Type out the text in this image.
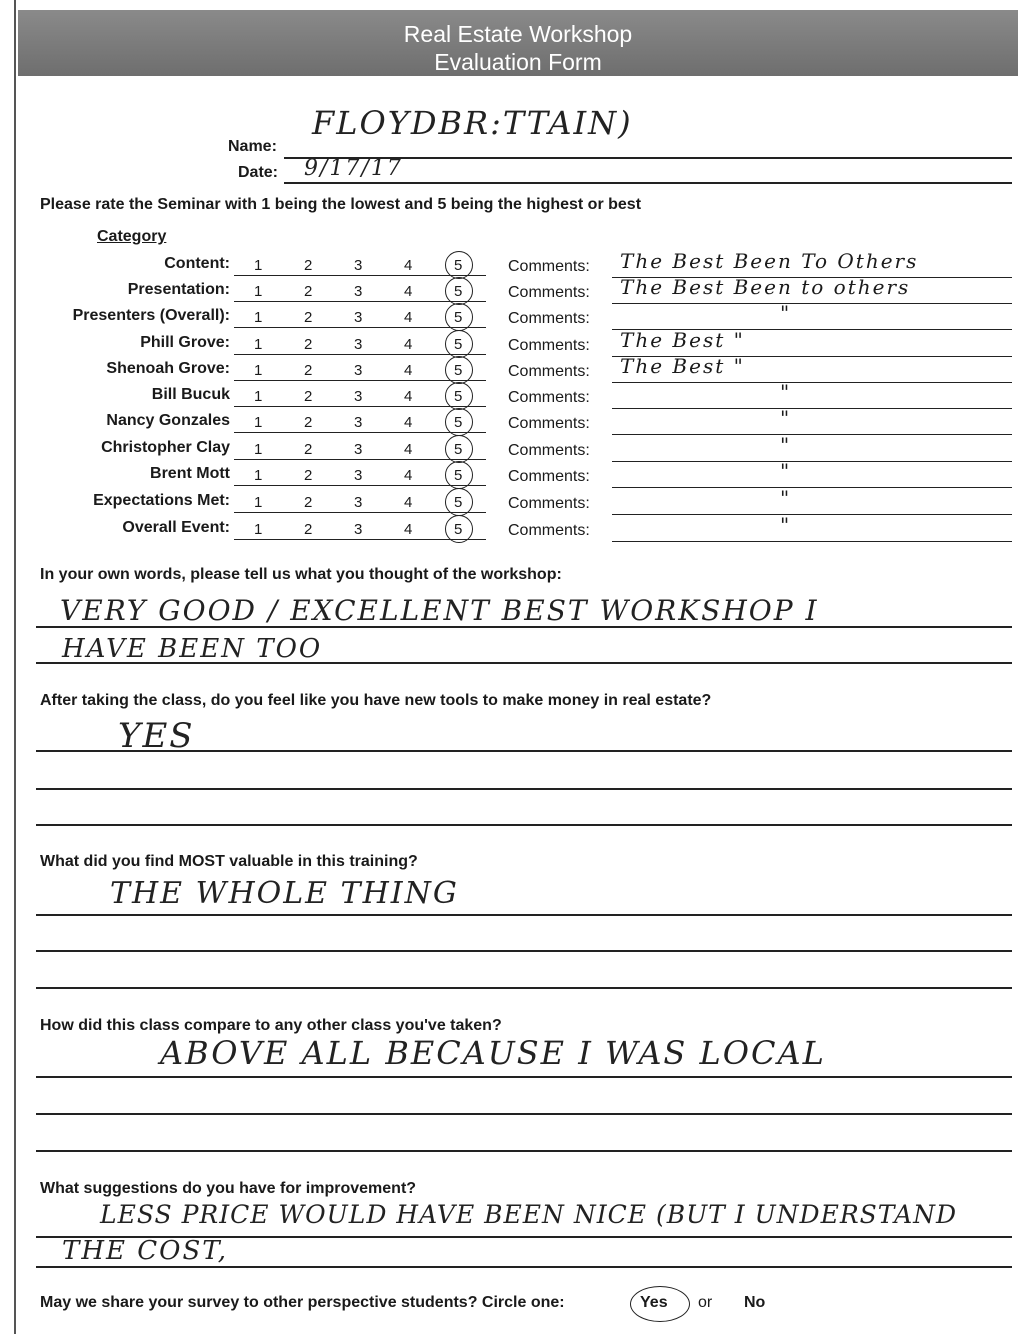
Real Estate Workshop
Evaluation Form
Name:
FLOYDBR:TTAIN)
Date: 9/17/17
Please rate the Seminar with 1 being the lowest and 5 being the highest or best
Category
Content: 1	2	3	4	5	Comments: The Best Been To Others
Presentation: 1	2	3	4	5	Comments: The Best Been to others
Presenters (Overall): 1	2	3	4	5	Comments:	"
Phill Grove: 1	2	3	4	5	Comments: The Best "
Shenoah Grove: 1	2	3	4	5	Comments: The Best "
Bill Bucuk 1	2	3	4	5	Comments:	"
Nancy Gonzales 1	2	3	4	5	Comments:	"
Christopher Clay 1	2	3	4	5	Comments:	"
Brent Mott 1	2	3	4	5	Comments:	"
Expectations Met: 1	2	3	4	5	Comments:	"
Overall Event: 1	2	3	4	5	Comments:	"
In your own words, please tell us what you thought of the workshop:
VERY GOOD / EXCELLENT BEST WORKSHOP I
HAVE BEEN TOO
After taking the class, do you feel like you have new tools to make money in real estate?
YES
What did you find MOST valuable in this training?
THE WHOLE THING
How did this class compare to any other class you've taken?
ABOVE ALL BECAUSE I WAS LOCAL
What suggestions do you have for improvement?
LESS PRICE WOULD HAVE BEEN NICE (BUT I UNDERSTAND
THE COST,
May we share your survey to other perspective students? Circle one:	Yes or No
